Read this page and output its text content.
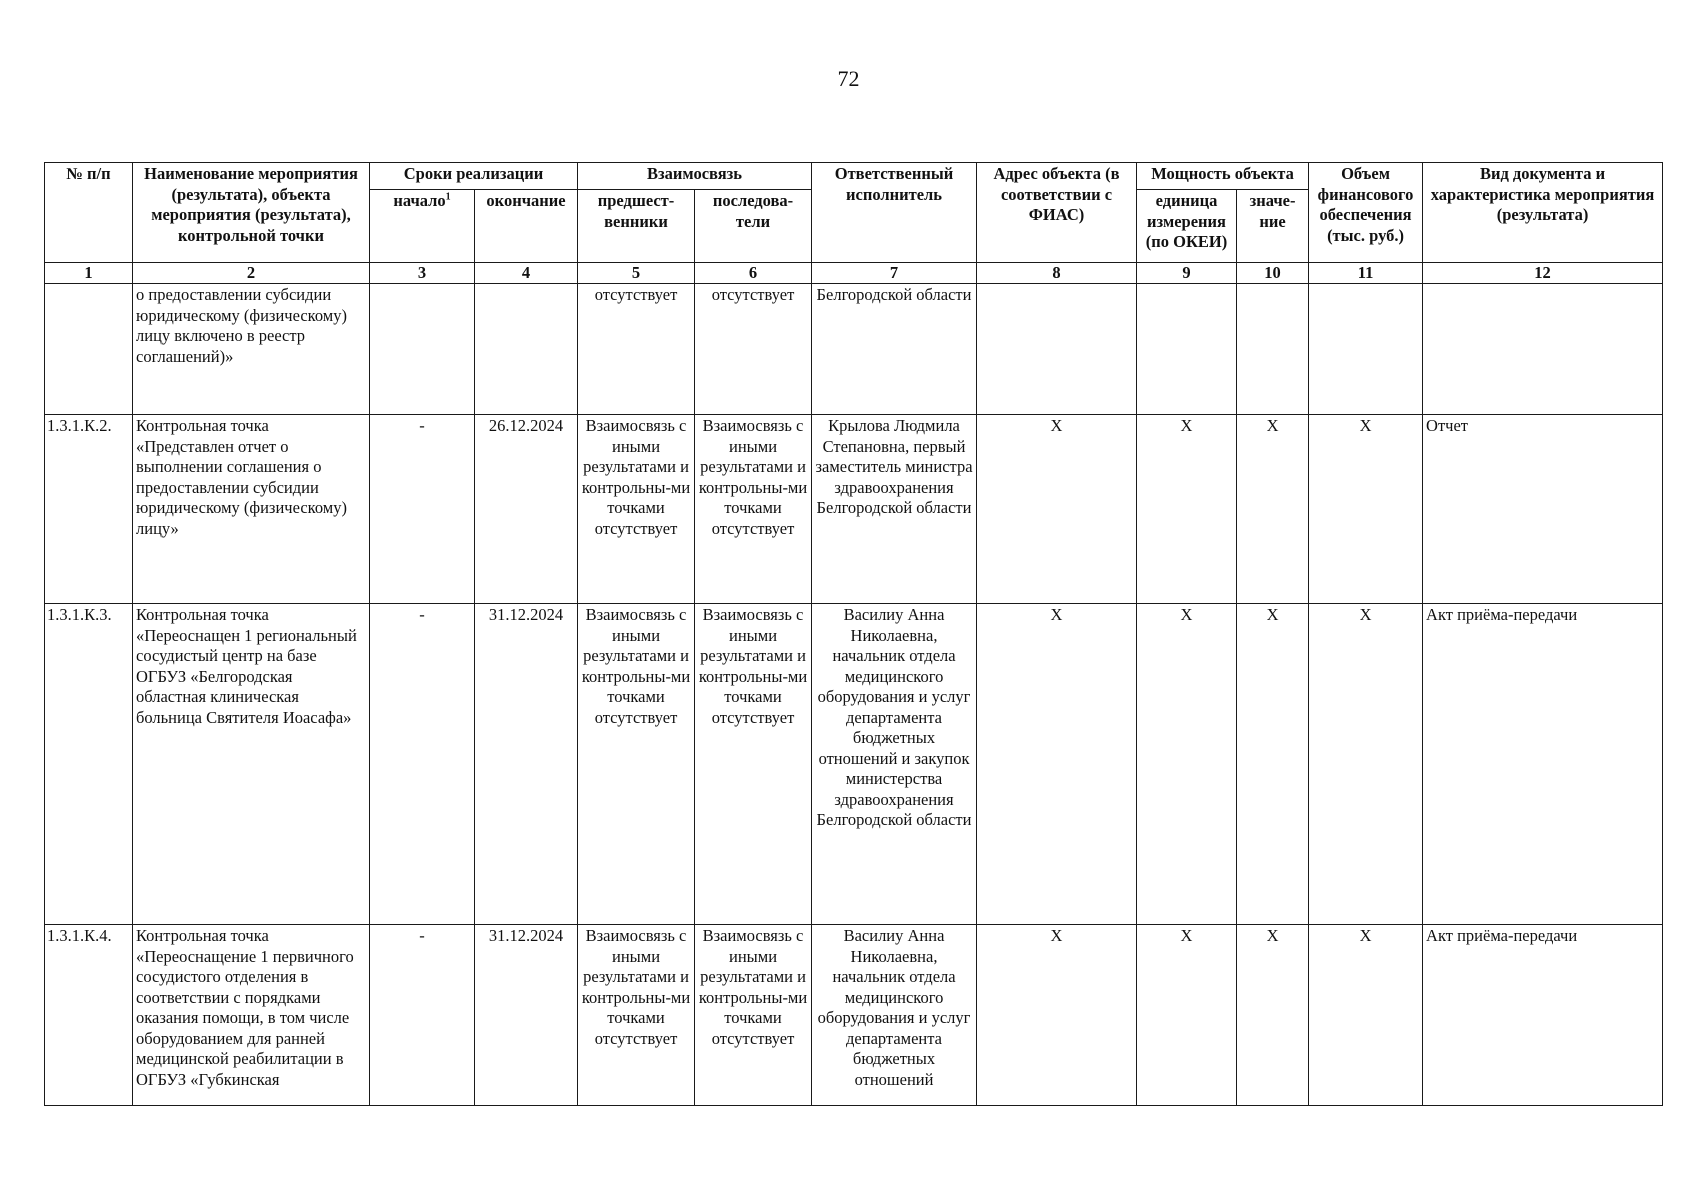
72
№ п/п	Наименование мероприятия (результата), объекта мероприятия (результата), контрольной точки	Сроки реализации		Взаимосвязь		Ответственный исполнитель	Адрес объекта (в соответствии с ФИАС)	Мощность объекта		Объем финансового обеспечения (тыс. руб.)	Вид документа и характеристика мероприятия (результата)
		начало$^1$	окончание	предшест-венники	последова-тели			единица измерения (по ОКЕИ)	значе-ние		
1	2	3	4	5	6	7	8	9	10	11	12
	о предоставлении субсидии юридическому (физическому) лицу включено в реестр соглашений)»			отсутствует	отсутствует	Белгородской области					
1.3.1.К.2.	Контрольная точка «Представлен отчет о выполнении соглашения о предоставлении субсидии юридическому (физическому) лицу»	-	26.12.2024	Взаимосвязь с иными результатами и контрольны-ми точками отсутствует	Взаимосвязь с иными результатами и контрольны-ми точками отсутствует	Крылова Людмила Степановна, первый заместитель министра здравоохранения Белгородской области	Х	Х	Х	Х	Отчет
1.3.1.К.3.	Контрольная точка «Переоснащен 1 региональный сосудистый центр на базе ОГБУЗ «Белгородская областная клиническая больница Святителя Иоасафа»	-	31.12.2024	Взаимосвязь с иными результатами и контрольны-ми точками отсутствует	Взаимосвязь с иными результатами и контрольны-ми точками отсутствует	Василиу Анна Николаевна, начальник отдела медицинского оборудования и услуг департамента бюджетных отношений и закупок министерства здравоохранения Белгородской области	Х	Х	Х	Х	Акт приёма-передачи
1.3.1.К.4.	Контрольная точка «Переоснащение 1 первичного сосудистого отделения в соответствии с порядками оказания помощи, в том числе оборудованием для ранней медицинской реабилитации в ОГБУЗ «Губкинская	-	31.12.2024	Взаимосвязь с иными результатами и контрольны-ми точками отсутствует	Взаимосвязь с иными результатами и контрольны-ми точками отсутствует	Василиу Анна Николаевна, начальник отдела медицинского оборудования и услуг департамента бюджетных отношений	Х	Х	Х	Х	Акт приёма-передачи
